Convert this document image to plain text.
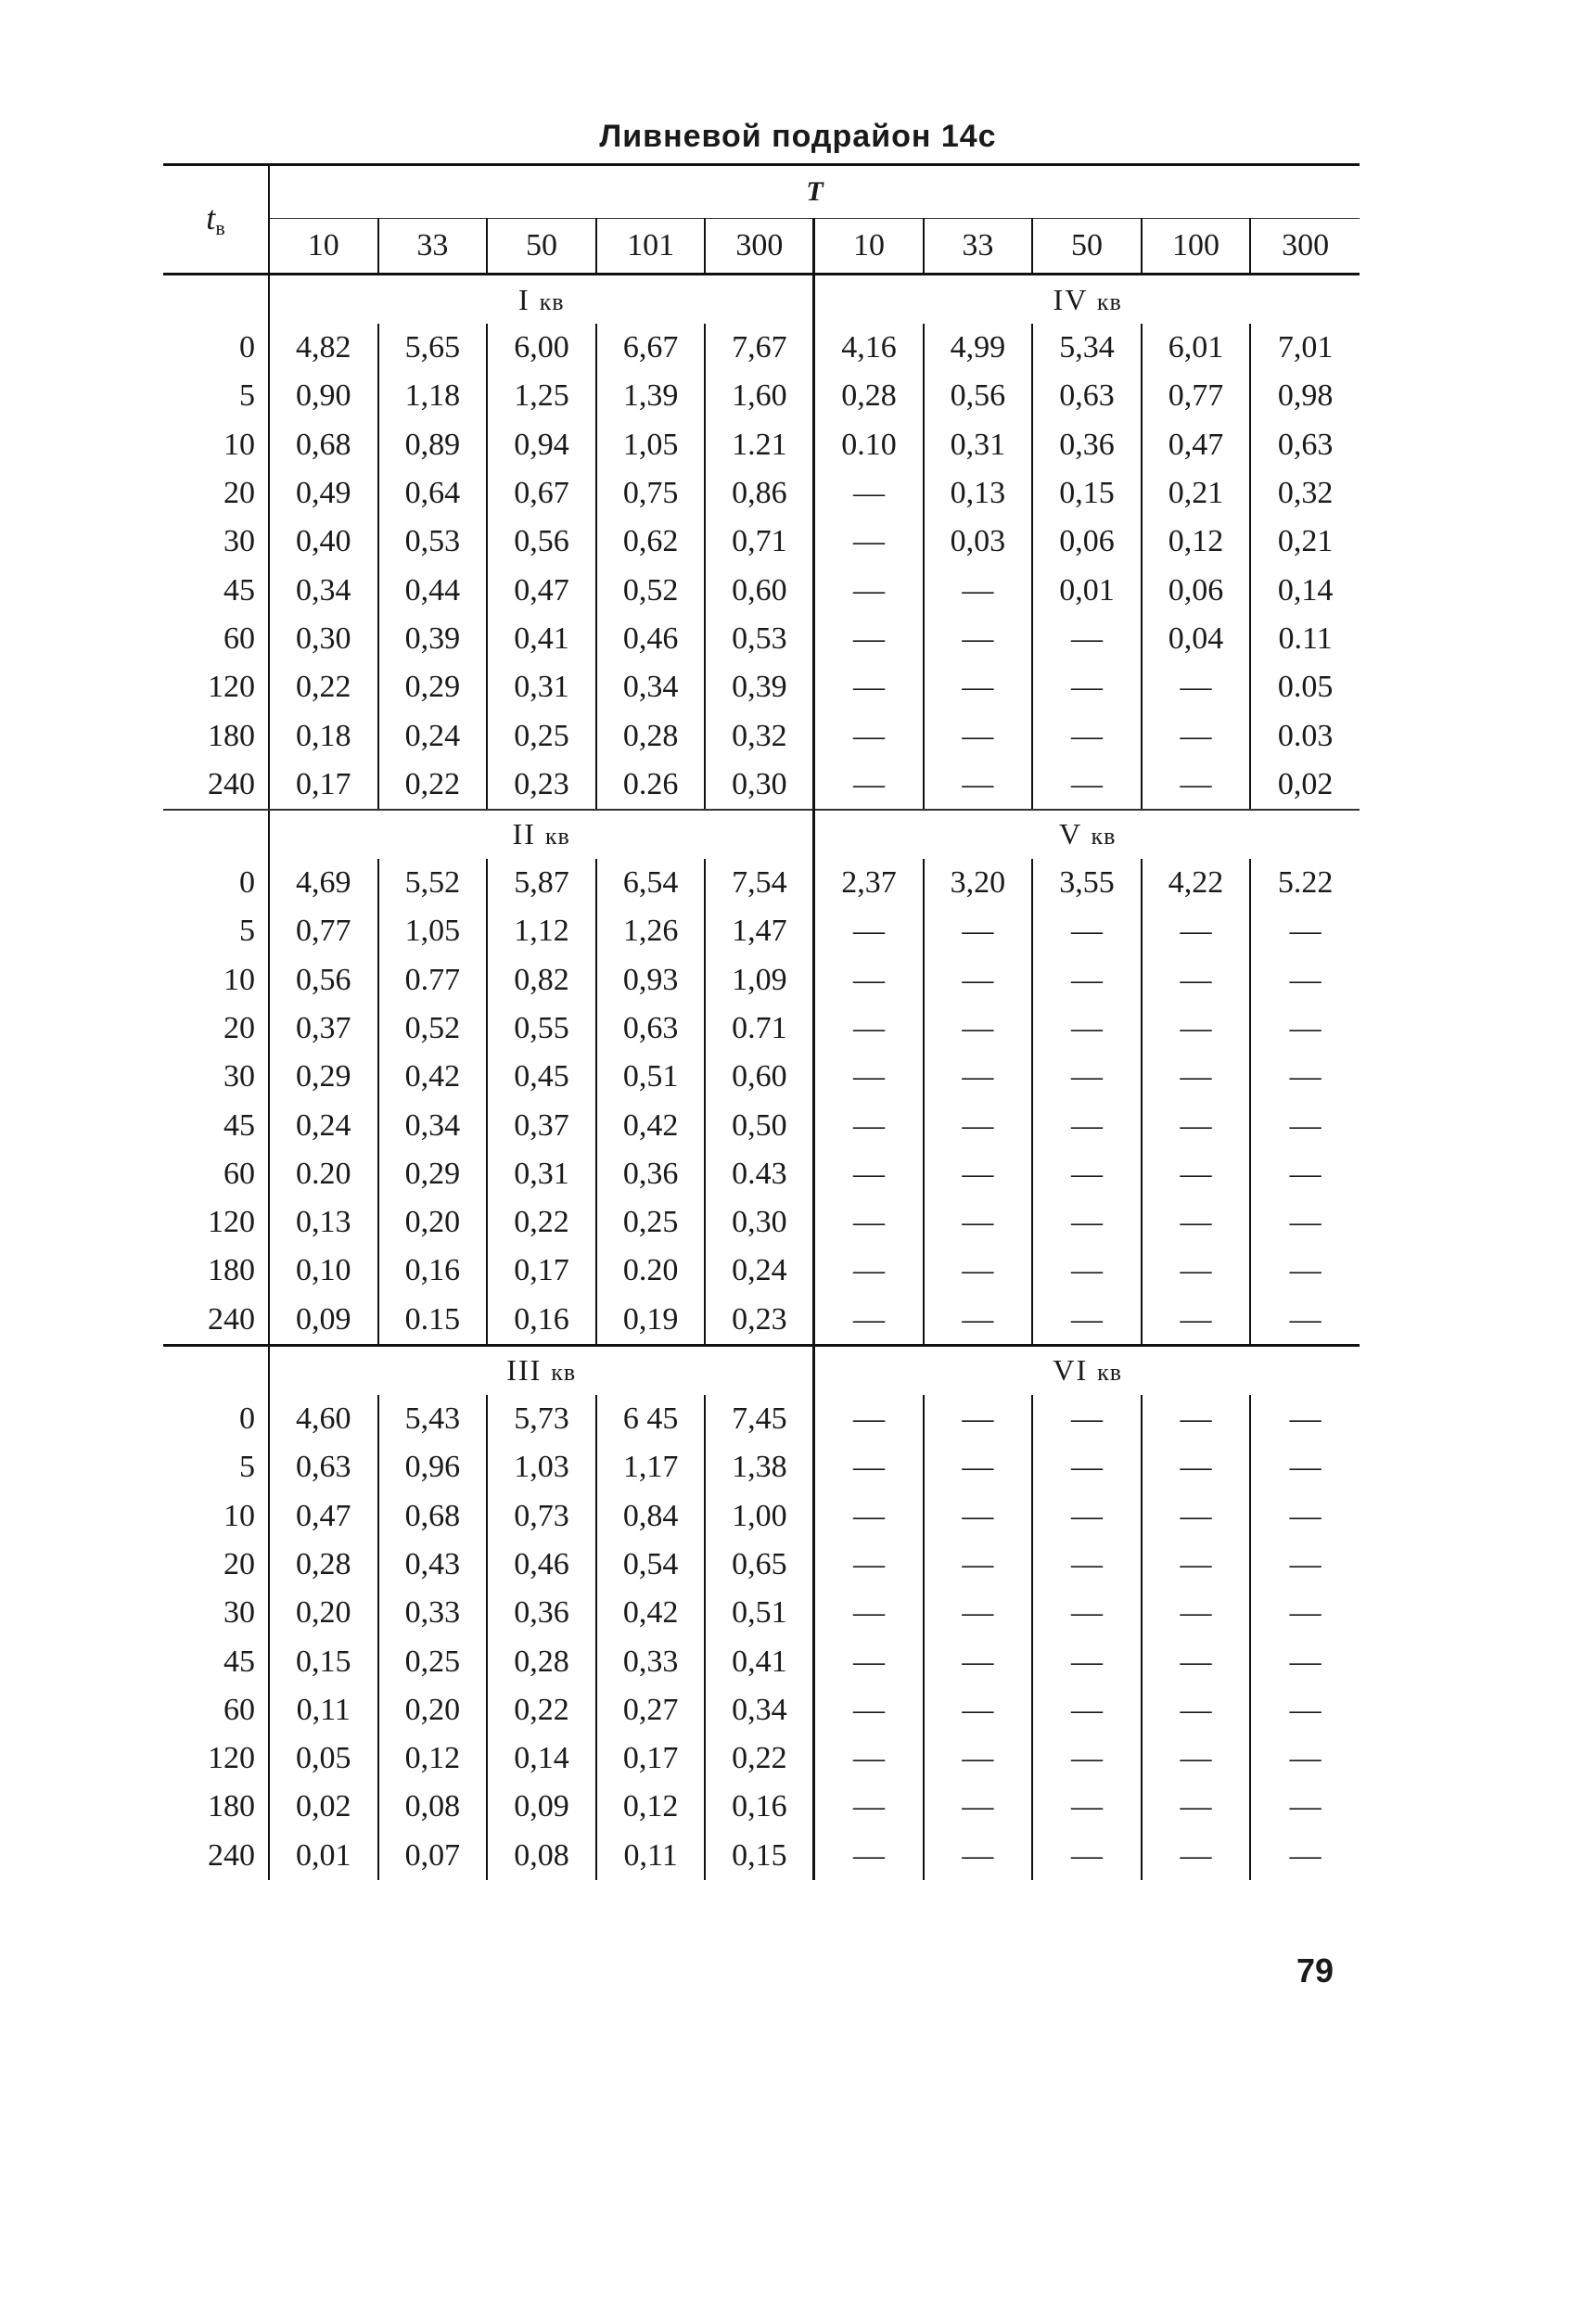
Ливневой подрайон 14с

$t_в$	T									
	10	33	50	101	300	10	33	50	100	300
	I кв					IV кв				
0	4,82	5,65	6,00	6,67	7,67	4,16	4,99	5,34	6,01	7,01
5	0,90	1,18	1,25	1,39	1,60	0,28	0,56	0,63	0,77	0,98
10	0,68	0,89	0,94	1,05	1.21	0.10	0,31	0,36	0,47	0,63
20	0,49	0,64	0,67	0,75	0,86	—	0,13	0,15	0,21	0,32
30	0,40	0,53	0,56	0,62	0,71	—	0,03	0,06	0,12	0,21
45	0,34	0,44	0,47	0,52	0,60	—	—	0,01	0,06	0,14
60	0,30	0,39	0,41	0,46	0,53	—	—	—	0,04	0.11
120	0,22	0,29	0,31	0,34	0,39	—	—	—	—	0.05
180	0,18	0,24	0,25	0,28	0,32	—	—	—	—	0.03
240	0,17	0,22	0,23	0.26	0,30	—	—	—	—	0,02
	II кв					V кв				
0	4,69	5,52	5,87	6,54	7,54	2,37	3,20	3,55	4,22	5.22
5	0,77	1,05	1,12	1,26	1,47	—	—	—	—	—
10	0,56	0.77	0,82	0,93	1,09	—	—	—	—	—
20	0,37	0,52	0,55	0,63	0.71	—	—	—	—	—
30	0,29	0,42	0,45	0,51	0,60	—	—	—	—	—
45	0,24	0,34	0,37	0,42	0,50	—	—	—	—	—
60	0.20	0,29	0,31	0,36	0.43	—	—	—	—	—
120	0,13	0,20	0,22	0,25	0,30	—	—	—	—	—
180	0,10	0,16	0,17	0.20	0,24	—	—	—	—	—
240	0,09	0.15	0,16	0,19	0,23	—	—	—	—	—
	III кв					VI кв				
0	4,60	5,43	5,73	6 45	7,45	—	—	—	—	—
5	0,63	0,96	1,03	1,17	1,38	—	—	—	—	—
10	0,47	0,68	0,73	0,84	1,00	—	—	—	—	—
20	0,28	0,43	0,46	0,54	0,65	—	—	—	—	—
30	0,20	0,33	0,36	0,42	0,51	—	—	—	—	—
45	0,15	0,25	0,28	0,33	0,41	—	—	—	—	—
60	0,11	0,20	0,22	0,27	0,34	—	—	—	—	—
120	0,05	0,12	0,14	0,17	0,22	—	—	—	—	—
180	0,02	0,08	0,09	0,12	0,16	—	—	—	—	—
240	0,01	0,07	0,08	0,11	0,15	—	—	—	—	—
79
